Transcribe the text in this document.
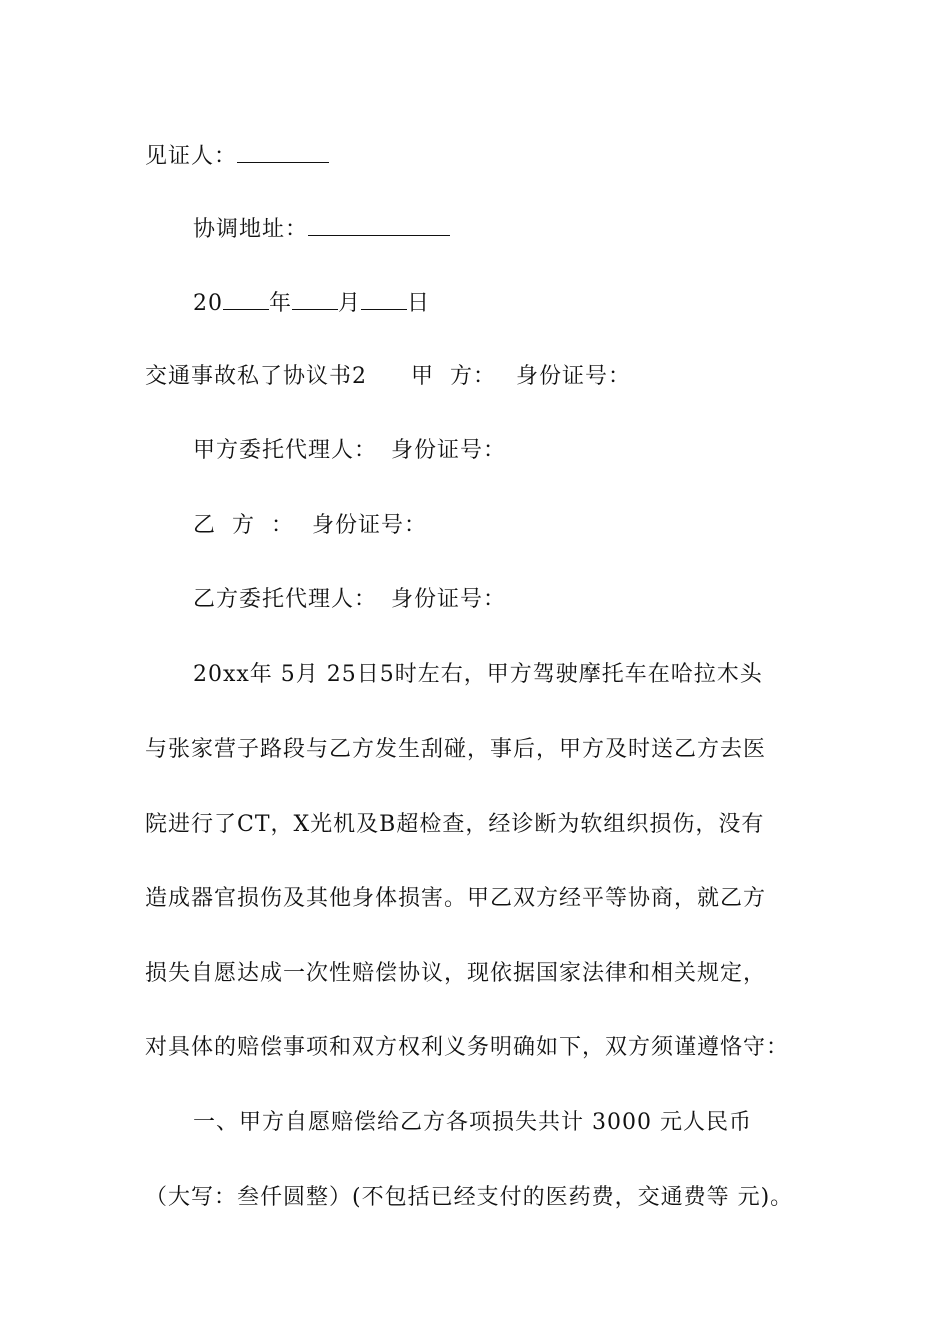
见证人：
协调地址：
20 年 月 日
交通事故私了协议书2 甲  方： 身份证号：
甲方委托代理人： 身份证号：
乙  方  ： 身份证号：
乙方委托代理人： 身份证号：
20xx年 5月 25日5时左右，甲方驾驶摩托车在哈拉木头
与张家营子路段与乙方发生刮碰，事后，甲方及时送乙方去医
院进行了CT，X光机及B超检查，经诊断为软组织损伤，没有
造成器官损伤及其他身体损害。甲乙双方经平等协商，就乙方
损失自愿达成一次性赔偿协议，现依据国家法律和相关规定，
对具体的赔偿事项和双方权利义务明确如下，双方须谨遵恪守：
一、甲方自愿赔偿给乙方各项损失共计 3000 元人民币
（大写：叁仟圆整）(不包括已经支付的医药费，交通费等 元)。
